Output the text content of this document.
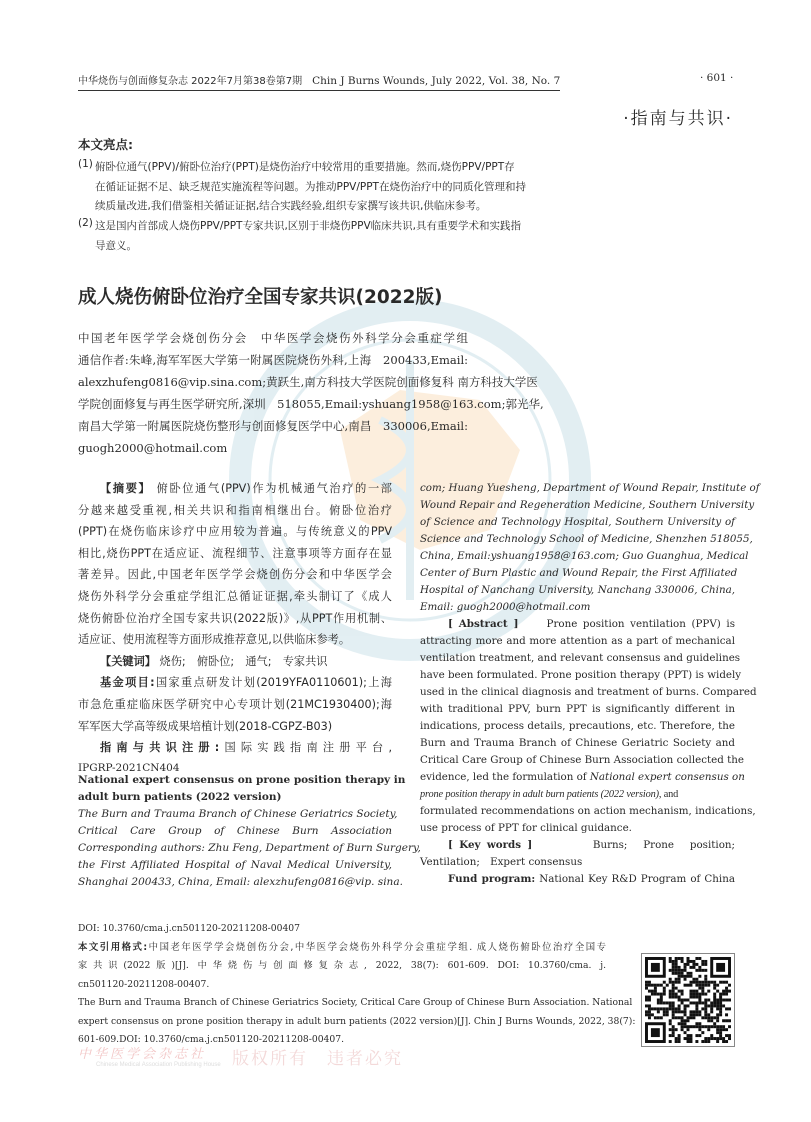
中华烧伤与创面修复杂志 2022年7月第38卷第7期 Chin J Burns Wounds, July 2022, Vol. 38, No. 7	· 601 ·
·指南与共识·
本文亮点:
(1) 俯卧位通气(PPV)/俯卧位治疗(PPT)是烧伤治疗中较常用的重要措施。然而,烧伤PPV/PPT存
在循证证据不足、缺乏规范实施流程等问题。为推动PPV/PPT在烧伤治疗中的同质化管理和持
续质量改进,我们借鉴相关循证证据,结合实践经验,组织专家撰写该共识,供临床参考。
(2) 这是国内首部成人烧伤PPV/PPT专家共识,区别于非烧伤PPV临床共识,具有重要学术和实践指
导意义。
成人烧伤俯卧位治疗全国专家共识(2022版)
中国老年医学学会烧创伤分会　中华医学会烧伤外科学分会重症学组
通信作者:朱峰,海军军医大学第一附属医院烧伤外科,上海　200433,Email:
alexzhufeng0816@vip.sina.com;黄跃生,南方科技大学医院创面修复科 南方科技大学医
学院创面修复与再生医学研究所,深圳　518055,Email:yshuang1958@163.com;郭光华,
南昌大学第一附属医院烧伤整形与创面修复医学中心,南昌　330006,Email:
guogh2000@hotmail.com
【摘要】 俯卧位通气(PPV)作为机械通气治疗的一部
分越来越受重视,相关共识和指南相继出台。俯卧位治疗
(PPT)在烧伤临床诊疗中应用较为普遍。与传统意义的PPV
相比,烧伤PPT在适应证、流程细节、注意事项等方面存在显
著差异。因此,中国老年医学学会烧创伤分会和中华医学会
烧伤外科学分会重症学组汇总循证证据,牵头制订了《成人
烧伤俯卧位治疗全国专家共识(2022版)》,从PPT作用机制、
适应证、使用流程等方面形成推荐意见,以供临床参考。
【关键词】 烧伤;　俯卧位;　通气;　专家共识
基金项目:国家重点研发计划(2019YFA0110601);上海
市急危重症临床医学研究中心专项计划(21MC1930400);海
军军医大学高等级成果培植计划(2018-CGPZ-B03)
指南与共识注册:国际实践指南注册平台,
IPGRP-2021CN404
National expert consensus on prone position therapy in
adult burn patients (2022 version)
The Burn and Trauma Branch of Chinese Geriatrics Society,
Critical Care Group of Chinese Burn Association
Corresponding authors: Zhu Feng, Department of Burn Surgery,
the First Affiliated Hospital of Naval Medical University,
Shanghai 200433, China, Email: alexzhufeng0816@vip. sina.
com; Huang Yuesheng, Department of Wound Repair, Institute of
Wound Repair and Regeneration Medicine, Southern University
of Science and Technology Hospital, Southern University of
Science and Technology School of Medicine, Shenzhen 518055,
China, Email:yshuang1958@163.com; Guo Guanghua, Medical
Center of Burn Plastic and Wound Repair, the First Affiliated
Hospital of Nanchang University, Nanchang 330006, China,
Email: guogh2000@hotmail.com
[ Abstract ]	Prone position ventilation (PPV) is
attracting more and more attention as a part of mechanical
ventilation treatment, and relevant consensus and guidelines
have been formulated. Prone position therapy (PPT) is widely
used in the clinical diagnosis and treatment of burns. Compared
with traditional PPV, burn PPT is significantly different in
indications, process details, precautions, etc. Therefore, the
Burn and Trauma Branch of Chinese Geriatric Society and
Critical Care Group of Chinese Burn Association collected the
evidence, led the formulation of National expert consensus on
prone position therapy in adult burn patients (2022 version), and
formulated recommendations on action mechanism, indications,
use process of PPT for clinical guidance.
[ Key words ]	Burns;　Prone　position;
Ventilation;　Expert consensus
Fund program: National Key R&D Program of China
DOI: 10.3760/cma.j.cn501120-20211208-00407
本文引用格式:中国老年医学学会烧创伤分会,中华医学会烧伤外科学分会重症学组. 成人烧伤俯卧位治疗全国专
家共识(2022版)[J]. 中华烧伤与创面修复杂志, 2022, 38(7): 601-609. DOI: 10.3760/cma. j.
cn501120-20211208-00407.
The Burn and Trauma Branch of Chinese Geriatrics Society, Critical Care Group of Chinese Burn Association. National
expert consensus on prone position therapy in adult burn patients (2022 version)[J]. Chin J Burns Wounds, 2022, 38(7):
601-609.DOI: 10.3760/cma.j.cn501120-20211208-00407.
中华医学会杂志社
Chinese Medical Association Publishing House 版权所有　违者必究
